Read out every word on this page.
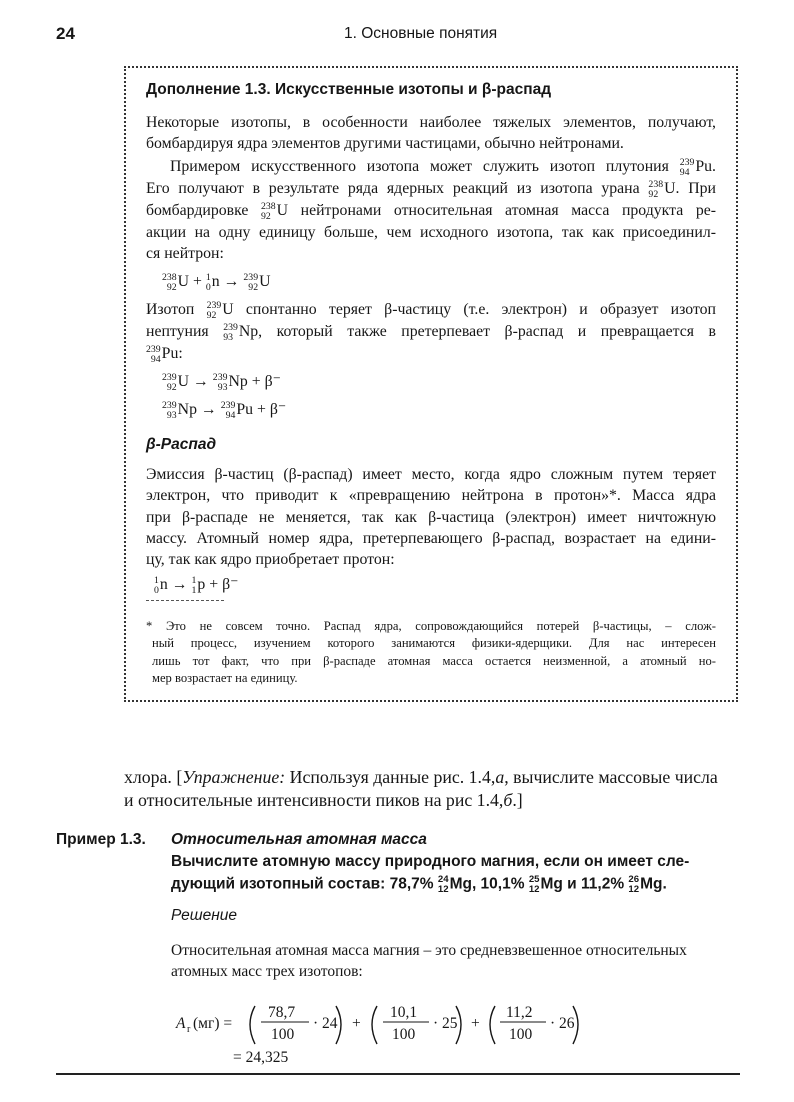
24	1. Основные понятия
Дополнение 1.3. Искусственные изотопы и β-распад
Некоторые изотопы, в особенности наиболее тяжелых элементов, получают,
бомбардируя ядра элементов другими частицами, обычно нейтронами.
Примером искусственного изотопа может служить изотоп плутония 239
94 Pu.
Его получают в результате ряда ядерных реакций из изотопа урана 238
92 U. При
бомбардировке 238
92 U нейтронами относительная атомная масса продукта ре-
акции на одну единицу больше, чем исходного изотопа, так как присоединил-
ся нейтрон:
238
92 U + 1
0 n → 239
92 U
Изотоп 239
92 U спонтанно теряет β-частицу (т.е. электрон) и образует изотоп
нептуния 239
93 Np, который также претерпевает β-распад и превращается в
239
94 Pu:
239
92 U → 239
93 Np + β⁻
239
93 Np → 239
94 Pu + β⁻
β-Распад
Эмиссия β-частиц (β-распад) имеет место, когда ядро сложным путем теряет
электрон, что приводит к «превращению нейтрона в протон»*. Масса ядра
при β-распаде не меняется, так как β-частица (электрон) имеет ничтожную
массу. Атомный номер ядра, претерпевающего β-распад, возрастает на едини-
цу, так как ядро приобретает протон:
1
0 n → 1
1 p + β⁻
* Это не совсем точно. Распад ядра, сопровождающийся потерей β-частицы, – слож-
ный процесс, изучением которого занимаются физики-ядерщики. Для нас интересен
лишь тот факт, что при β-распаде атомная масса остается неизменной, а атомный но-
мер возрастает на единицу.
хлора. [Упражнение: Используя данные рис. 1.4,а, вычислите массовые числа
и относительные интенсивности пиков на рис 1.4,б.]
Пример 1.3. Относительная атомная масса
Вычислите атомную массу природного магния, если он имеет сле-
дующий изотопный состав: 78,7% 24
12 Mg, 10,1% 25
12 Mg и 11,2% 26
12 Mg.
Решение
Относительная атомная масса магния – это средневзвешенное относительных
атомных масс трех изотопов:
A r (мг) =
78,7
100
· 24 +
10,1
100
· 25 +
11,2
100
· 26
= 24,325
